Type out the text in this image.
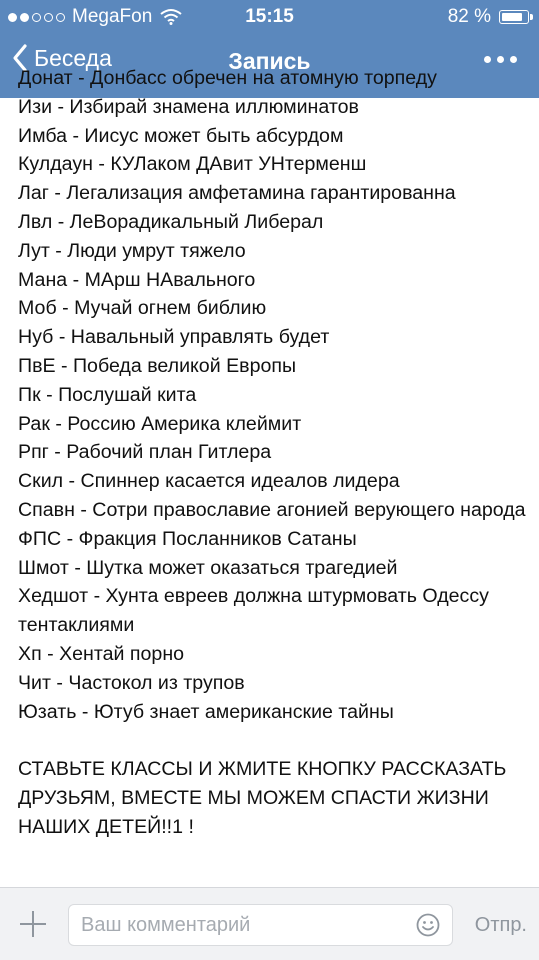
MegaFon	15:15	82 %
Беседа	Запись
Донат - Донбасс обречен на атомную торпеду
Изи - Избирай знамена иллюминатов
Имба - Иисус может быть абсурдом
Кулдаун - КУЛаком ДАвит УНтерменш
Лаг - Легализация амфетамина гарантированна
Лвл - ЛеВорадикальный Либерал
Лут - Люди умрут тяжело
Мана - МАрш НАвального
Моб - Мучай огнем библию
Нуб - Навальный управлять будет
ПвЕ - Победа великой Европы
Пк - Послушай кита
Рак - Россию Америка клеймит
Рпг - Рабочий план Гитлера
Скил - Спиннер касается идеалов лидера
Спавн - Сотри православие агонией верующего народа
ФПС - Фракция Посланников Сатаны
Шмот - Шутка может оказаться трагедией
Хедшот - Хунта евреев должна штурмовать Одессу тентаклиями
Хп - Хентай порно
Чит - Частокол из трупов
Юзать - Ютуб знает американские тайны

СТАВЬТЕ КЛАССЫ И ЖМИТЕ КНОПКУ РАССКАЗАТЬ ДРУЗЬЯМ, ВМЕСТЕ МЫ МОЖЕМ СПАСТИ ЖИЗНИ НАШИХ ДЕТЕЙ!!1 !
Ваш комментарий
Отпр.
